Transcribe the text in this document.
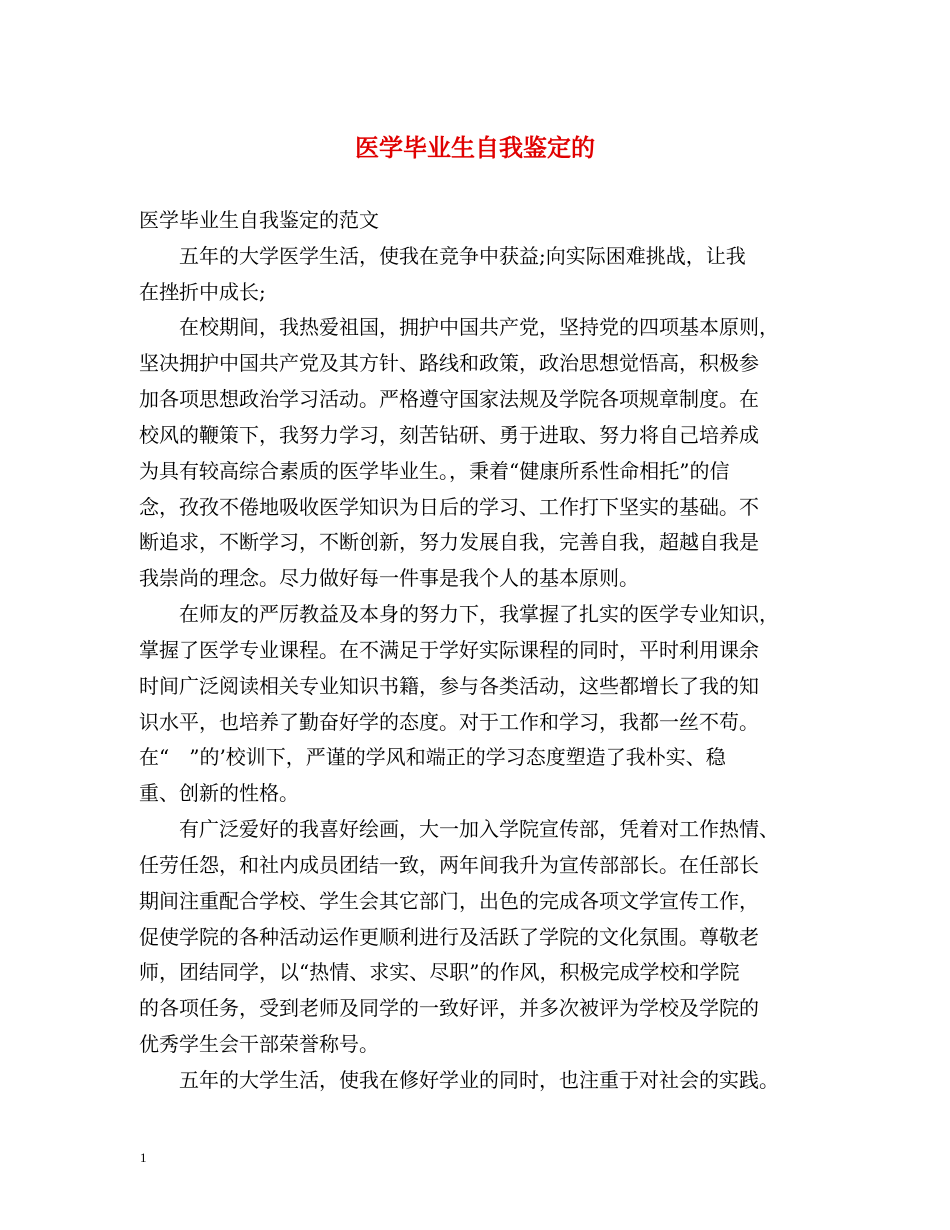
医学毕业生自我鉴定的
医学毕业生自我鉴定的范文
　　五年的大学医学生活，使我在竞争中获益;向实际困难挑战，让我
在挫折中成长;
　　在校期间，我热爱祖国，拥护中国共产党，坚持党的四项基本原则，
坚决拥护中国共产党及其方针、路线和政策，政治思想觉悟高，积极参
加各项思想政治学习活动。严格遵守国家法规及学院各项规章制度。在
校风的鞭策下，我努力学习，刻苦钻研、勇于进取、努力将自己培养成
为具有较高综合素质的医学毕业生。，秉着“健康所系性命相托”的信
念，孜孜不倦地吸收医学知识为日后的学习、工作打下坚实的基础。不
断追求，不断学习，不断创新，努力发展自我，完善自我，超越自我是
我崇尚的理念。尽力做好每一件事是我个人的基本原则。
　　在师友的严厉教益及本身的努力下，我掌握了扎实的医学专业知识，
掌握了医学专业课程。在不满足于学好实际课程的同时，平时利用课余
时间广泛阅读相关专业知识书籍，参与各类活动，这些都增长了我的知
识水平，也培养了勤奋好学的态度。对于工作和学习，我都一丝不苟。
在“　”的’校训下，严谨的学风和端正的学习态度塑造了我朴实、稳
重、创新的性格。
　　有广泛爱好的我喜好绘画，大一加入学院宣传部，凭着对工作热情、
任劳任怨，和社内成员团结一致，两年间我升为宣传部部长。在任部长
期间注重配合学校、学生会其它部门，出色的完成各项文学宣传工作，
促使学院的各种活动运作更顺利进行及活跃了学院的文化氛围。尊敬老
师，团结同学，以“热情、求实、尽职”的作风，积极完成学校和学院
的各项任务，受到老师及同学的一致好评，并多次被评为学校及学院的
优秀学生会干部荣誉称号。
　　五年的大学生活，使我在修好学业的同时，也注重于对社会的实践。
1
